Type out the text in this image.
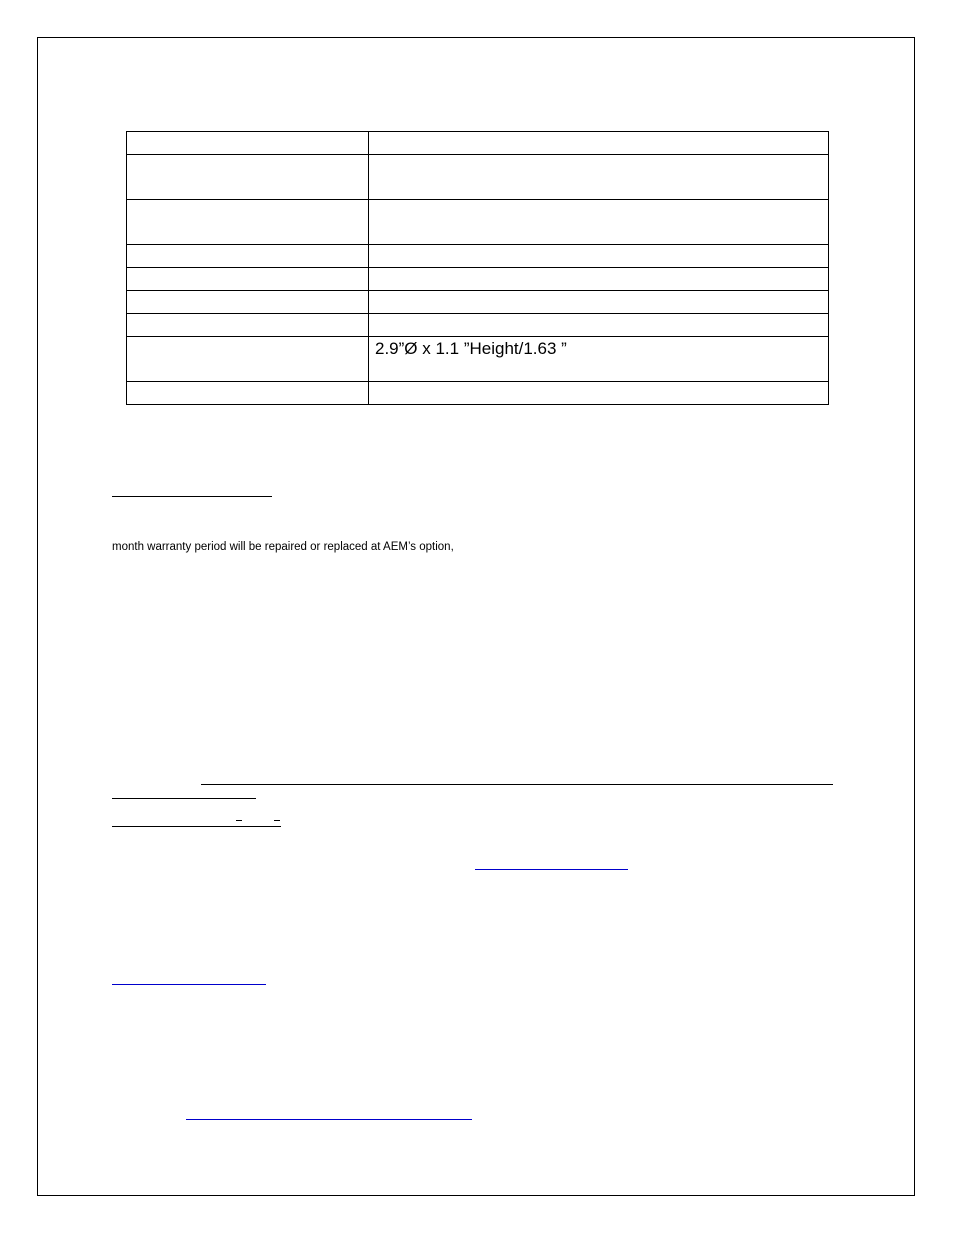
	2.9”Ø x 1.1 ”Height/1.63 ”

month warranty period will be repaired or replaced at AEM’s option,
